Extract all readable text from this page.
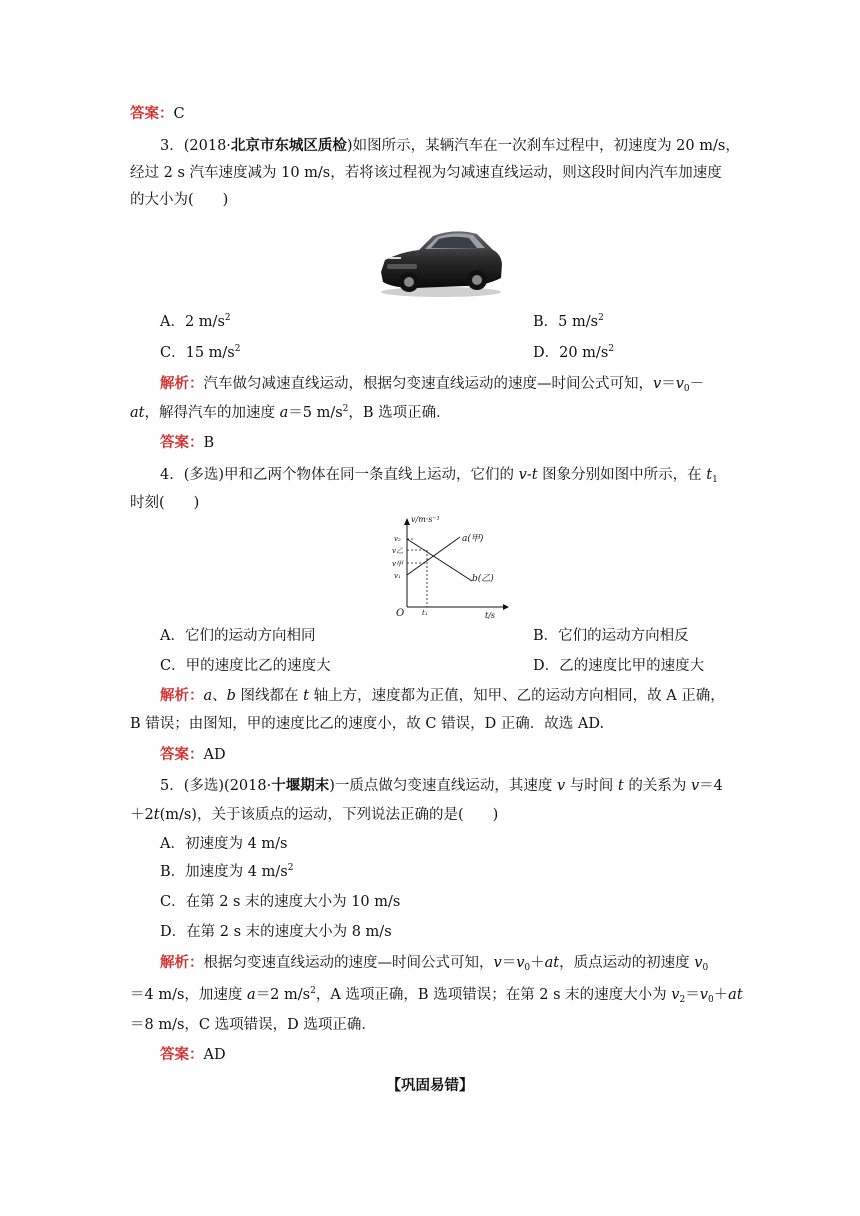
答案：C
3．(2018·北京市东城区质检)如图所示，某辆汽车在一次刹车过程中，初速度为 20 m/s，
经过 2 s 汽车速度减为 10 m/s，若将该过程视为匀减速直线运动，则这段时间内汽车加速度
的大小为(　　)
A．2 $m/s^2$	B．5 $m/s^2$
C．15 $m/s^2$	D．20 $m/s^2$
解析：汽车做匀减速直线运动，根据匀变速直线运动的速度—时间公式可知，$v=v_0-$
at，解得汽车的加速度 a＝5 $m/s^2$，B 选项正确．
答案：B
4．(多选)甲和乙两个物体在同一条直线上运动，它们的 v-t 图象分别如图中所示，在 $t_1$
时刻(　　)
v/m·s⁻¹
t/s
O
v₂
v乙
v甲
v₁
t₁
a(甲)
b(乙)
A．它们的运动方向相同	B．它们的运动方向相反
C．甲的速度比乙的速度大	D．乙的速度比甲的速度大
解析：a、b 图线都在 t 轴上方，速度都为正值，知甲、乙的运动方向相同，故 A 正确，
B 错误；由图知，甲的速度比乙的速度小，故 C 错误，D 正确．故选 AD.
答案：AD
5．(多选)(2018·十堰期末)一质点做匀变速直线运动，其速度 v 与时间 t 的关系为 v＝4
＋2t(m/s)，关于该质点的运动，下列说法正确的是(　　)
A．初速度为 4 m/s
B．加速度为 4 $m/s^2$
C．在第 2 s 末的速度大小为 10 m/s
D．在第 2 s 末的速度大小为 8 m/s
解析：根据匀变速直线运动的速度—时间公式可知，$v=v_0+at$，质点运动的初速度 $v_0$
＝4 m/s，加速度 a＝2 $m/s^2$，A 选项正确，B 选项错误；在第 2 s 末的速度大小为 $v_2=v_0+at$
＝8 m/s，C 选项错误，D 选项正确．
答案：AD
【巩固易错】
